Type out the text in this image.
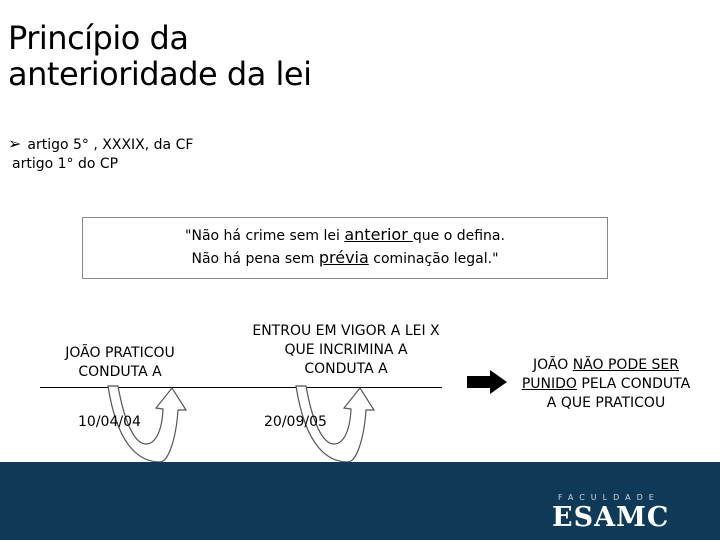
Princípio da
anterioridade da lei
➢ artigo 5° , XXXIX, da CF
artigo 1° do CP
"Não há crime sem lei anterior que o defina.
Não há pena sem prévia cominação legal."
JOÃO PRATICOU
CONDUTA A
ENTROU EM VIGOR A LEI X
QUE INCRIMINA A
CONDUTA A
10/04/04	20/09/05
JOÃO NÃO PODE SER
PUNIDO PELA CONDUTA
A QUE PRATICOU
FACULDADE
ESAMC
